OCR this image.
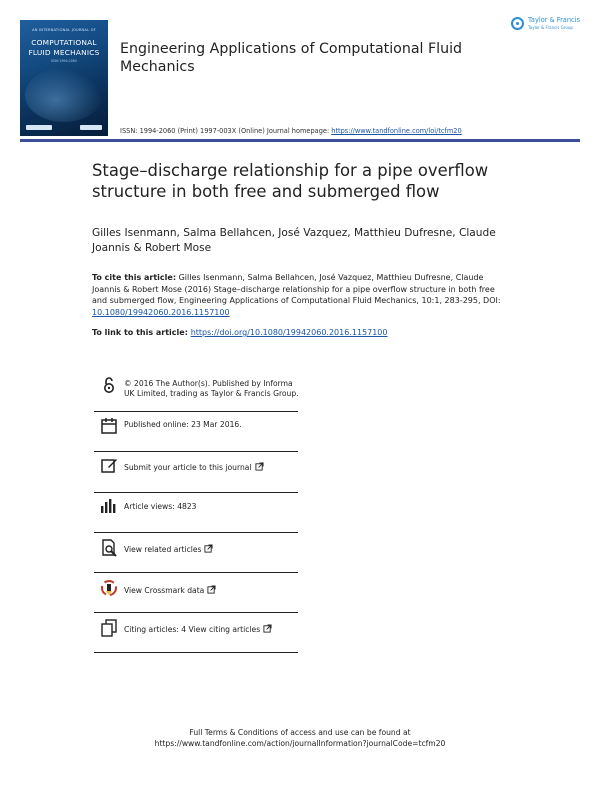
AN INTERNATIONAL JOURNAL OF
COMPUTATIONAL
FLUID MECHANICS
ISSN 1994-2060
Engineering Applications of Computational Fluid Mechanics
Taylor & Francis
Taylor & Francis Group
ISSN: 1994-2060 (Print) 1997-003X (Online) Journal homepage: https://www.tandfonline.com/loi/tcfm20
Stage–discharge relationship for a pipe overflow structure in both free and submerged flow
Gilles Isenmann, Salma Bellahcen, José Vazquez, Matthieu Dufresne, Claude Joannis & Robert Mose
To cite this article: Gilles Isenmann, Salma Bellahcen, José Vazquez, Matthieu Dufresne, Claude Joannis & Robert Mose (2016) Stage–discharge relationship for a pipe overflow structure in both free and submerged flow, Engineering Applications of Computational Fluid Mechanics, 10:1, 283-295, DOI: 10.1080/19942060.2016.1157100
To link to this article: https://doi.org/10.1080/19942060.2016.1157100
© 2016 The Author(s). Published by Informa UK Limited, trading as Taylor & Francis Group.
Published online: 23 Mar 2016.
Submit your article to this journal
Article views: 4823
View related articles
View Crossmark data
Citing articles: 4 View citing articles
Full Terms & Conditions of access and use can be found at
https://www.tandfonline.com/action/journalInformation?journalCode=tcfm20
